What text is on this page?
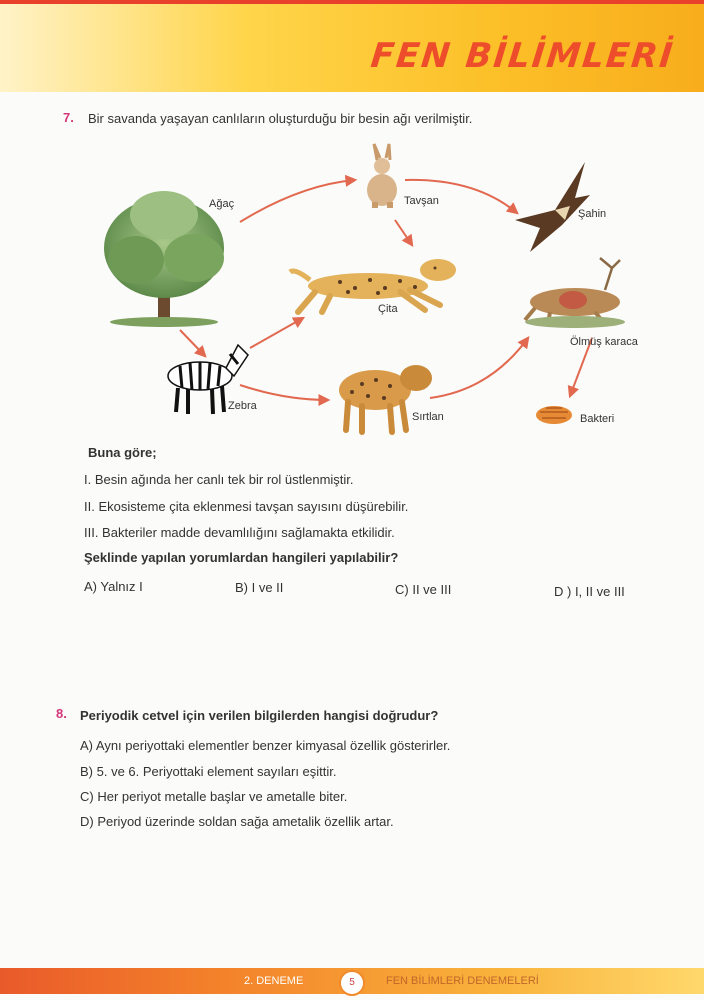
FEN BİLİMLERİ
7. Bir savanda yaşayan canlıların oluşturduğu bir besin ağı verilmiştir.
Ağaç	Tavşan
Şahin
Çita
Ölmüş karaca
Zebra
Sırtlan	Bakteri
Buna göre;
I. Besin ağında her canlı tek bir rol üstlenmiştir.
II. Ekosisteme çita eklenmesi tavşan sayısını düşürebilir.
III. Bakteriler madde devamlılığını sağlamakta etkilidir.
Şeklinde yapılan yorumlardan hangileri yapılabilir?
A) Yalnız I	B) I ve II	C) II ve III	D ) I, II ve III
8. Periyodik cetvel için verilen bilgilerden hangisi doğrudur?
A) Aynı periyottaki elementler benzer kimyasal özellik gösterirler.
B) 5. ve 6. Periyottaki element sayıları eşittir.
C) Her periyot metalle başlar ve ametalle biter.
D) Periyod üzerinde soldan sağa ametalik özellik artar.
2. DENEME	5	FEN BİLİMLERİ DENEMELERİ
